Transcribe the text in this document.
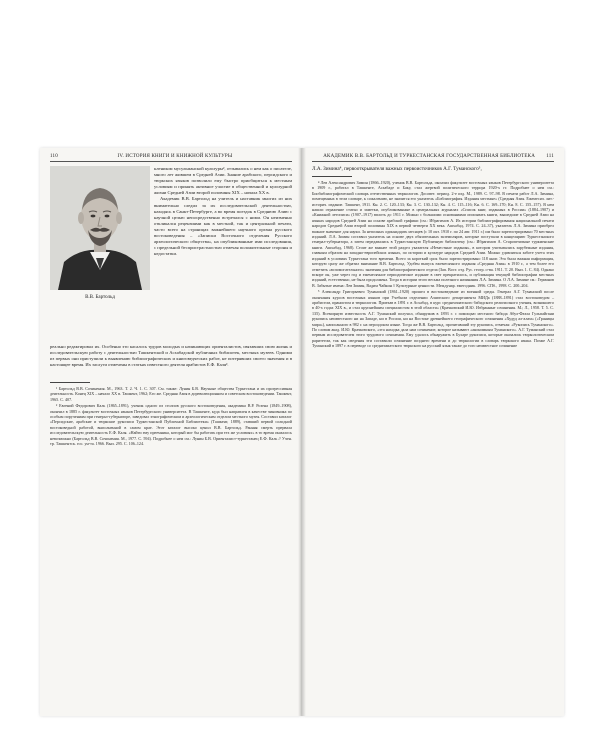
110	IV. ИСТОРИЯ КНИГИ И КНИЖНОЙ КУЛЬТУРЫ
В.В. Бартольд

клеником мусульманской культуры², отзывались о нем как о писателе, много лет жившем в Средней Азии. Знание арабского, персидского и тюркских языков позволило ему быстро приобщиться к местным условиям и принять активное участие в общественной и культурной жизни Средней Азии второй половины XIX – начала XX в.

Академик В.В. Бартольд на учитель и наставник многих из них внимательно следил за их исследовательской деятельностью, находясь в Санкт-Петербурге, а во время поездок в Среднюю Азию с научной целью непосредственно встречался с ними. Он неизменно откликался рецензиями как в местной, так и центральной печати, часто всего на страницах важнейшего научного органа русского востоковедения – «Записки Восточного отделения Русского археологического общества», на опубликованные ими исследования, с предельной беспристрастностью отмечая положительные стороны и недостатки.

реально редактировал их. Особенно это касалось трудов молодых и начинающих ориенталистов, связавших свою жизнь и исследовательскую работу с деятельностью Ташкентской и Асхабадской публичных библиотек, местных музеев. Одними из первых они приступили к выявлению библиографических и книговедческих работ, не потерявших своего значения и в настоящее время. Их заслуги отмечены в статьях известного деятеля арабистов Е.Ф. Каля³.

¹ Бартольд В.В. Сочинения. М., 1963. Т. 2. Ч. 1. С. 307. См. также: Лунин Б.В. Научные общества Туркестана и их прогрессивная деятельность. Конец XIX – начало XX в. Ташкент, 1962; Его же. Средняя Азия в дореволюционном и советском востоковедении. Ташкент, 1965. С. 407.

² Евгений Федорович Каль (1865–1891), ученик одного из столпов русского востоковедения, академика В.Р. Розена (1849–1908), окончил в 1885 г. факультет восточных языков Петербургского университета. В Ташкенте, куда был направлен в качестве чиновника по особым поручениям при генерал-губернаторе, заведовал этнографическим и археологическим отделом местного музея. Составил каталог «Персидские, арабские и тюркские рукописи Туркестанской Публичной Библиотеки» (Ташкент, 1889), ставший первой солидной востоковедной работой, выполненной в самом крае. Этот каталог высоко ценил В.В. Бартольд. Ранняя смерть прервала исследовательскую деятельность Е.Ф. Каля. «Найти ему преемника, который мог бы работать при тех же условиях» в то время оказалось невозможно (Бартольд В.В. Сочинения. М., 1977. С. 594). Подробнее о нем см.: Лунин Б.В. Ориенталист-туркестанец Е.Ф. Каль // Учен. тр. Ташкентск. гос. ун-та. 1966. Вып. 295. С. 106–124.

АКАДЕМИК В.В. БАРТОЛЬД И ТУРКЕСТАНСКАЯ ГОСУДАРСТВЕННАЯ БИБЛИОТЕКА 111
Л.А. Зимина⁴, первооткрывателя важных первоисточников А.Г. Туманского⁵,

⁴ Лев Александрович Зимин (1866–1920), ученик В.В. Бартольда, окончил факультет восточных языков Петербургского университета в 1909 г., работал в Ташкенте, Асхабаде и Баку, стал жертвой политического террора 1920-х гг. Подробнее о нем см.: Биобиблиографический словарь отечественных тюркологов. Досовет. период. 2-е изд. М., 1989. С. 97–98. В печати работ Л.А. Зимина, помещенных в этом словаре, к сожалению, не значится его указатель «Библиография. Издания местные» (Средняя Азия. Ежемесяч. лит.-историч. издание. Ташкент, 1911. Кн. 2. С. 120–133; Кн. 3. С. 130–132; Кн. 4. С. 115–116; Кн. 6. С. 169–170; Кн. 8. С. 155–157). В нем нашли отражение статьи и заметки, опубликованные в центральных журналах «Список книг, изданных в России» (1884–1907) и «Книжной летописи» (1907–1917) вплоть до 1911 г. Можно с большими основаниями описывать книги, вышедшие в Средней Азии на языках народов Средней Азии на основе арабской графики (см.: Ибрагимов А. Из истории библиографирования национальной печати народов Средней Азии второй половины XIX в первой четверти XX века. Ашхабад, 1974. С. 24–37), указатель Л.А. Зимина приобрел важное значение для науки. За неполных одиннадцать месяцев (с 10 окт. 1910 г. по 24 авг. 1911 г.) им было зарегистрировано 70 местных изданий. Л.А. Зимин составил указатель на основе двух обязательных экземпляров, которые поступали в канцелярию Туркестанского генерал-губернатора, а затем передавались в Туркестанскую Публичную библиотеку (см.: Ибрагимов А. Старопечатные туркменские книги. Ашхабад, 1968). Стоит же важнее этой раздел указателя «Неместные издания», в котором учитывались зарубежные издания, главным образом на западно-европейских языках, по истории и культуре народов Средней Азии. Можно удивляться заботе учета этих изданий в условиях Туркестана того времени. Всего за короткий срок было зарегистрировано 118 книг. Эта была важная информация, которую сразу же обратил внимание В.В. Бартольд. Удобен выпуск ежемесячного издания «Средняя Азия» в 1910 г., а тем более его отметить «вспомогательного» значения для библиографического отдела (Зап. Вост. отд. Рус. геогр. о-ва. 1911. Т. 20. Вып. 1. С. 84). Однако вскоре он, уже через год и ежемесячное периодическое издание в свет прекратилось, и публикация текущей библиографии местных изданий, естественно, не была продолжена. Тогда в истории этого весьма полезного начинания Л.А. Зимина. О Л.А. Зимине см.: Германов В. Забытые имена: Лев Зимин, Вадим Чайкин // Культурные ценности. Междунар. ежегодник. 1996. СПб., 1998. С. 200–204.

⁵ Александр Григорьевич Туманский (1861–1920) прошел в востоковедение из военной среды. Генерал А.Г. Туманский после окончания курсов восточных языков при Учебном отделении Азиатского департамента МИДа (1888–1891) стал востоковедом – арабистом, иранистом и тюркологом. Приехав в 1891 г. в Асхабад, в курс среднеазиатского бабидского религиозного учения, возникшего в 40-х годах XIX в., и стал крупнейшим специалистом в этой области» (Крачковский И.Ю. Избранные сочинения. М.; Л., 1958. Т. 5. С. 135). Всемирную известность А.Г. Туманский получил, обнаружив в 1893 г. с помощью местного бабида Абул-Фазла Гульпайгани рукопись неизвестного ни на Западе, ни в России, ни на Востоке древнейшего географического сочинения «Худуд ал-алам» («Границы мира»), написанного в 982 г. на персидском языке. Тогда же В.В. Бартольд, прочитавший эту рукопись, отмечая: «Рукопись Туманского». По словам акад. И.Ю. Крачковского, «эта находка дала нам сочинение, которое называют «анонимным Туманского». А.Г. Туманский стал первым исследователем этого трудового сочинения. Ему удалось обнаружить в Бухаре рукописи, которые оказались тюркологическим раритетом, так как сведения эти составили сочинение позднего времени и до тюркологии в словарь тюркского языка. Позже А.Г. Туманский в 1897 г. в переводе со среднеазиатского тюркского на русский язык также до того неизвестное сочинение
